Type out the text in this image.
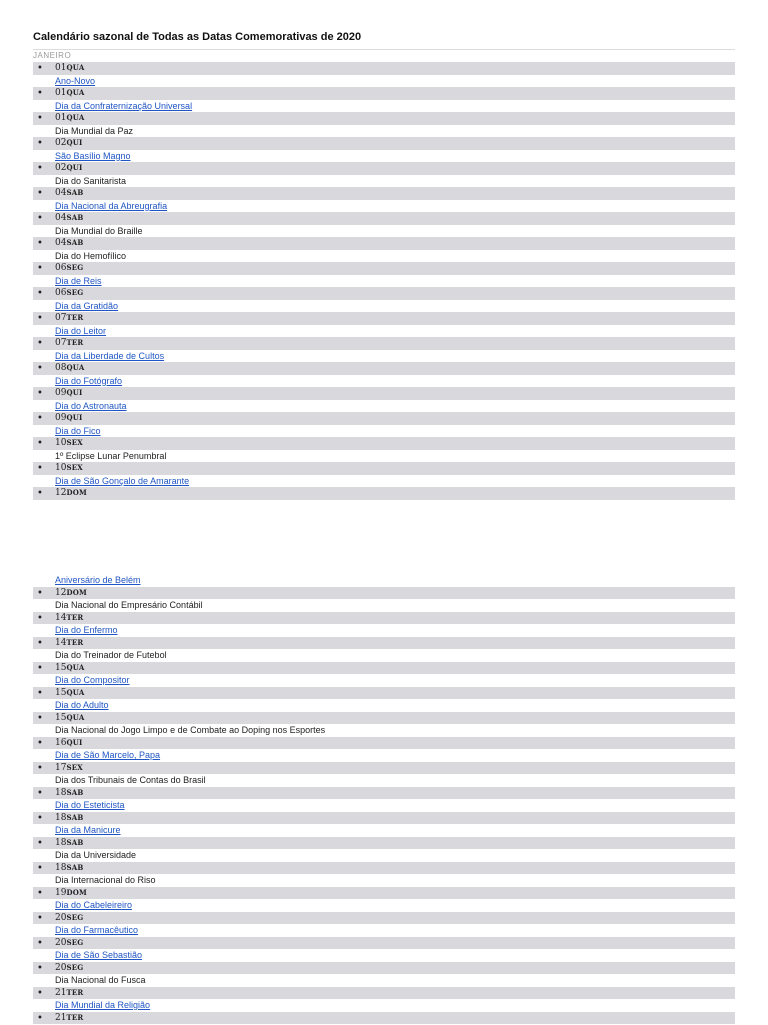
Calendário sazonal de Todas as Datas Comemorativas de 2020
JANEIRO
• 01QUA
Ano-Novo
• 01QUA
Dia da Confraternização Universal
• 01QUA
Dia Mundial da Paz
• 02QUI
São Basílio Magno
• 02QUI
Dia do Sanitarista
• 04SAB
Dia Nacional da Abreugrafia
• 04SAB
Dia Mundial do Braille
• 04SAB
Dia do Hemofílico
• 06SEG
Dia de Reis
• 06SEG
Dia da Gratidão
• 07TER
Dia do Leitor
• 07TER
Dia da Liberdade de Cultos
• 08QUA
Dia do Fotógrafo
• 09QUI
Dia do Astronauta
• 09QUI
Dia do Fico
• 10SEX
1º Eclipse Lunar Penumbral
• 10SEX
Dia de São Gonçalo de Amarante
• 12DOM
Aniversário de Belém
• 12DOM
Dia Nacional do Empresário Contábil
• 14TER
Dia do Enfermo
• 14TER
Dia do Treinador de Futebol
• 15QUA
Dia do Compositor
• 15QUA
Dia do Adulto
• 15QUA
Dia Nacional do Jogo Limpo e de Combate ao Doping nos Esportes
• 16QUI
Dia de São Marcelo, Papa
• 17SEX
Dia dos Tribunais de Contas do Brasil
• 18SAB
Dia do Esteticista
• 18SAB
Dia da Manicure
• 18SAB
Dia da Universidade
• 18SAB
Dia Internacional do Riso
• 19DOM
Dia do Cabeleireiro
• 20SEG
Dia do Farmacêutico
• 20SEG
Dia de São Sebastião
• 20SEG
Dia Nacional do Fusca
• 21TER
Dia Mundial da Religião
• 21TER
